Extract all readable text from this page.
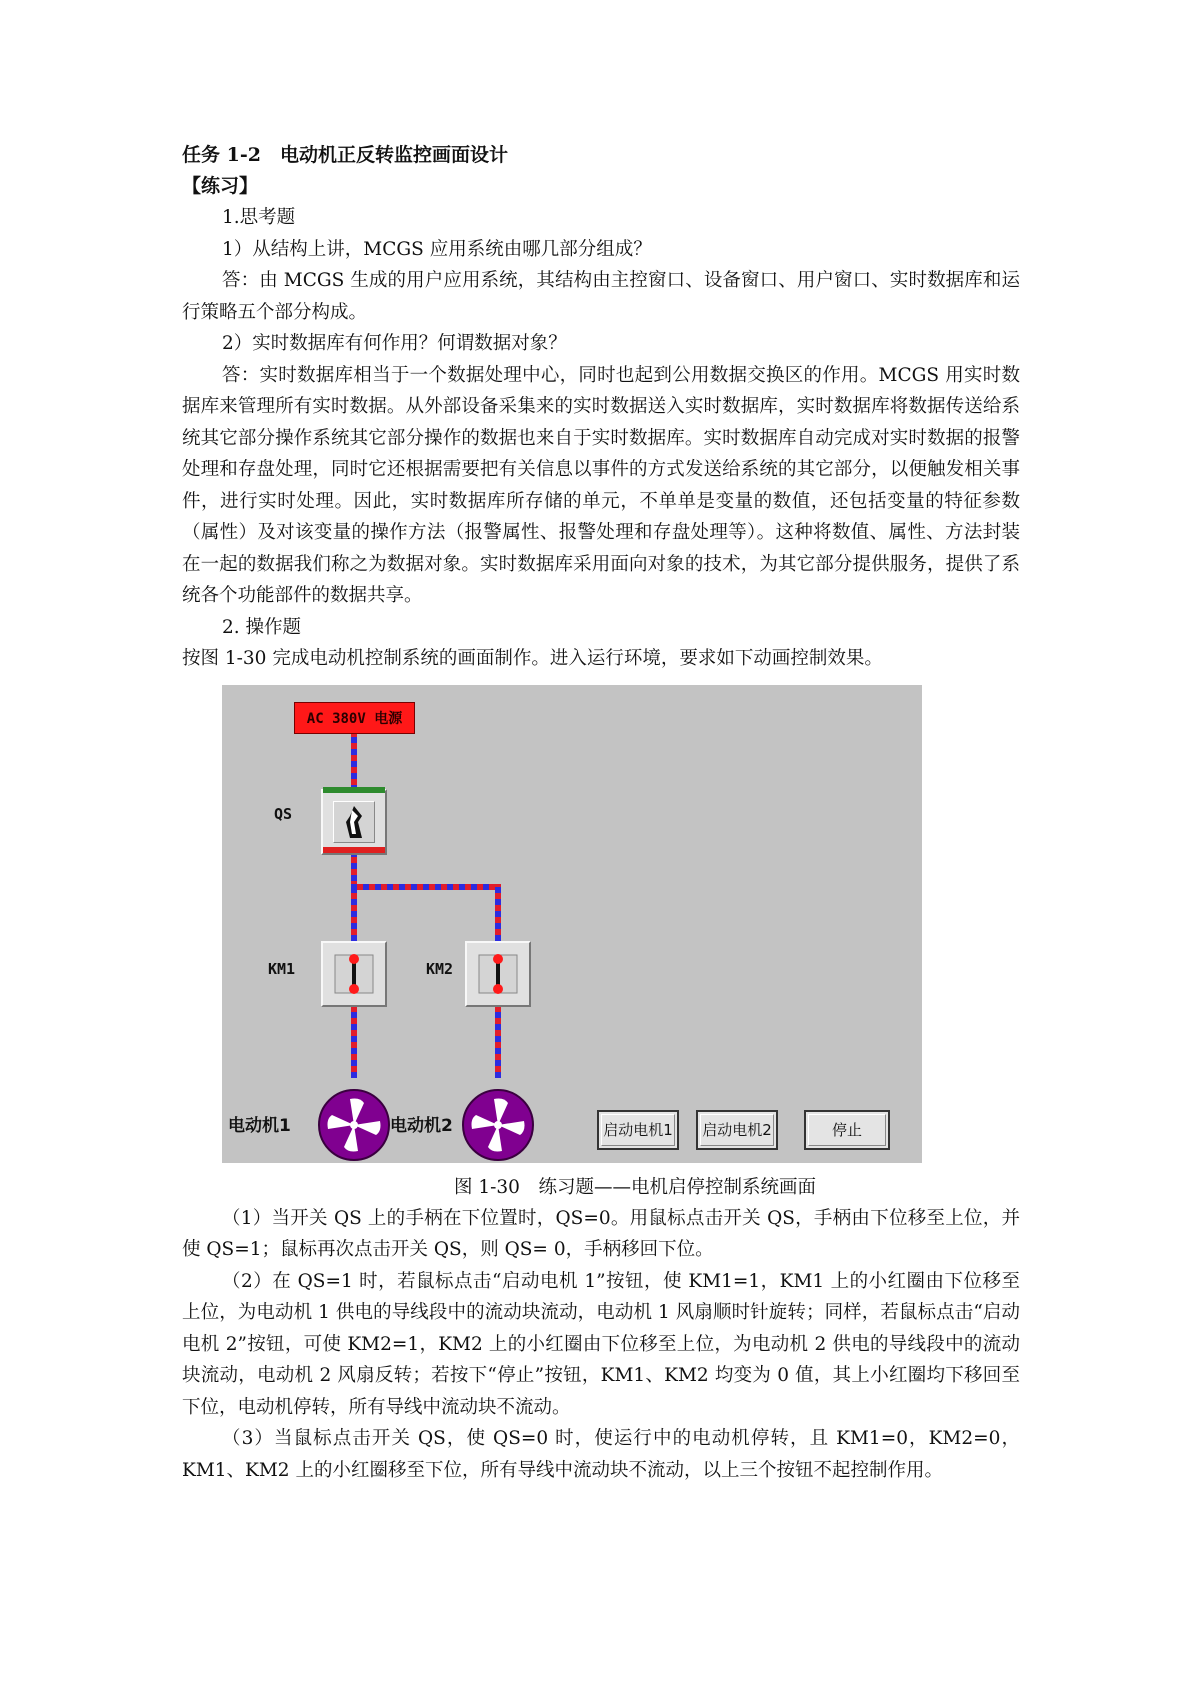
任务 1-2　电动机正反转监控画面设计
【练习】

1.思考题

1）从结构上讲，MCGS 应用系统由哪几部分组成？

答：由 MCGS 生成的用户应用系统，其结构由主控窗口、设备窗口、用户窗口、实时数据库和运行策略五个部分构成。

2）实时数据库有何作用？何谓数据对象？

答：实时数据库相当于一个数据处理中心，同时也起到公用数据交换区的作用。MCGS 用实时数据库来管理所有实时数据。从外部设备采集来的实时数据送入实时数据库，实时数据库将数据传送给系统其它部分操作系统其它部分操作的数据也来自于实时数据库。实时数据库自动完成对实时数据的报警处理和存盘处理，同时它还根据需要把有关信息以事件的方式发送给系统的其它部分，以便触发相关事件，进行实时处理。因此，实时数据库所存储的单元，不单单是变量的数值，还包括变量的特征参数（属性）及对该变量的操作方法（报警属性、报警处理和存盘处理等）。这种将数值、属性、方法封装在一起的数据我们称之为数据对象。实时数据库采用面向对象的技术，为其它部分提供服务，提供了系统各个功能部件的数据共享。

2. 操作题

按图 1-30 完成电动机控制系统的画面制作。进入运行环境，要求如下动画控制效果。

AC 380V 电源
QS
KM1	KM2
电动机1	电动机2	启动电机1	启动电机2	停止
图 1-30　练习题——电机启停控制系统画面

（1）当开关 QS 上的手柄在下位置时，QS=0。用鼠标点击开关 QS，手柄由下位移至上位，并使 QS=1；鼠标再次点击开关 QS，则 QS= 0，手柄移回下位。

（2）在 QS=1 时，若鼠标点击“启动电机 1”按钮，使 KM1=1，KM1 上的小红圈由下位移至上位，为电动机 1 供电的导线段中的流动块流动，电动机 1 风扇顺时针旋转；同样，若鼠标点击“启动电机 2”按钮，可使 KM2=1，KM2 上的小红圈由下位移至上位，为电动机 2 供电的导线段中的流动块流动，电动机 2 风扇反转；若按下“停止”按钮，KM1、KM2 均变为 0 值，其上小红圈均下移回至下位，电动机停转，所有导线中流动块不流动。

（3）当鼠标点击开关 QS，使 QS=0 时，使运行中的电动机停转，且 KM1=0，KM2=0，KM1、KM2 上的小红圈移至下位，所有导线中流动块不流动，以上三个按钮不起控制作用。
